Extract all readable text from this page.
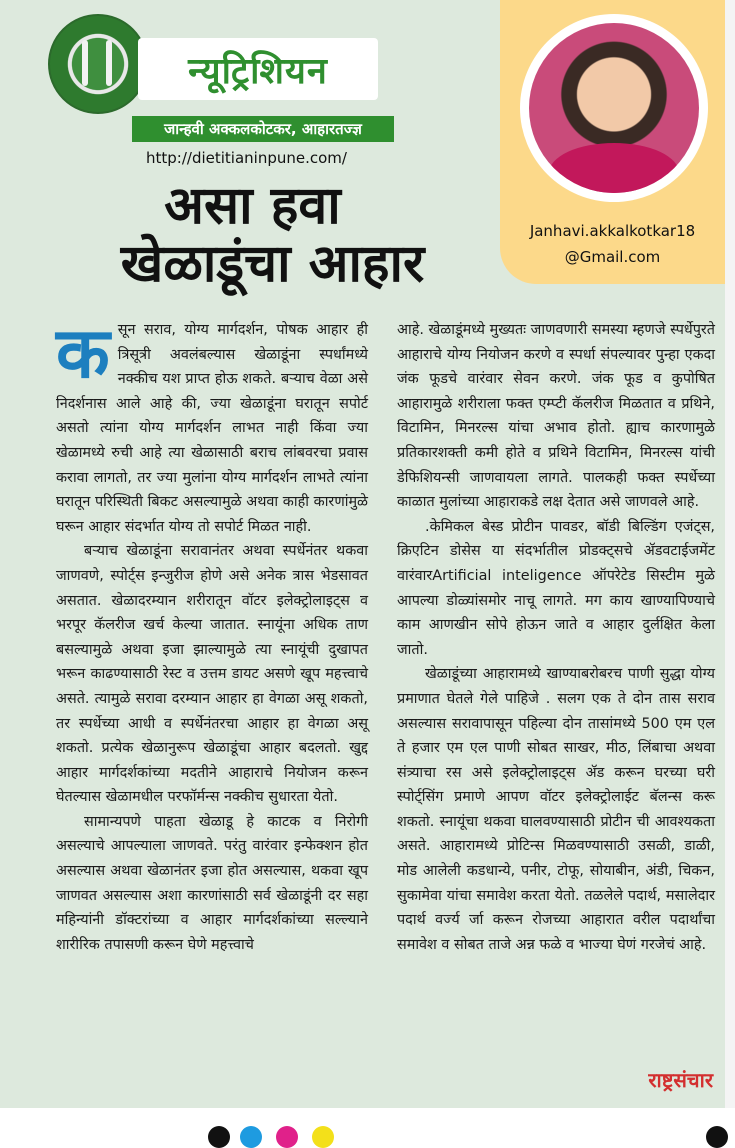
न्यूट्रिशियन
जान्हवी अक्कलकोटकर, आहारतज्ज्ञ
http://dietitianinpune.com/
असा हवा
खेळाडूंचा आहार
Janhavi.akkalkotkar18
@Gmail.com

कसून सराव, योग्य मार्गदर्शन, पोषक आहार ही त्रिसूत्री अवलंबल्यास खेळाडूंना स्पर्धांमध्ये नक्कीच यश प्राप्त होऊ शकते. बऱ्याच वेळा असे निदर्शनास आले आहे की, ज्या खेळाडूंना घरातून सपोर्ट असतो त्यांना योग्य मार्गदर्शन लाभत नाही किंवा ज्या खेळामध्ये रुची आहे त्या खेळासाठी बराच लांबवरचा प्रवास करावा लागतो, तर ज्या मुलांना योग्य मार्गदर्शन लाभते त्यांना घरातून परिस्थिती बिकट असल्यामुळे अथवा काही कारणांमुळे घरून आहार संदर्भात योग्य तो सपोर्ट मिळत नाही.

बऱ्याच खेळाडूंना सरावानंतर अथवा स्पर्धेनंतर थकवा जाणवणे, स्पोर्ट्स इन्जुरीज होणे असे अनेक त्रास भेडसावत असतात. खेळादरम्यान शरीरातून वॉटर इलेक्ट्रोलाइट्स व भरपूर कॅलरीज खर्च केल्या जातात. स्नायूंना अधिक ताण बसल्यामुळे अथवा इजा झाल्यामुळे त्या स्नायूंची दुखापत भरून काढण्यासाठी रेस्ट व उत्तम डायट असणे खूप महत्त्वाचे असते. त्यामुळे सरावा दरम्यान आहार हा वेगळा असू शकतो, तर स्पर्धेच्या आधी व स्पर्धेनंतरचा आहार हा वेगळा असू शकतो. प्रत्येक खेळानुरूप खेळाडूंचा आहार बदलतो. खुद्द आहार मार्गदर्शकांच्या मदतीने आहाराचे नियोजन करून घेतल्यास खेळामधील परफॉर्मन्स नक्कीच सुधारता येतो.

सामान्यपणे पाहता खेळाडू हे काटक व निरोगी असल्याचे आपल्याला जाणवते. परंतु वारंवार इन्फेक्शन होत असल्यास अथवा खेळानंतर इजा होत असल्यास, थकवा खूप जाणवत असल्यास अशा कारणांसाठी सर्व खेळाडूंनी दर सहा महिन्यांनी डॉक्टरांच्या व आहार मार्गदर्शकांच्या सल्ल्याने शारीरिक तपासणी करून घेणे महत्त्वाचे

आहे. खेळाडूंमध्ये मुख्यतः जाणवणारी समस्या म्हणजे स्पर्धेपुरते आहाराचे योग्य नियोजन करणे व स्पर्धा संपल्यावर पुन्हा एकदा जंक फूडचे वारंवार सेवन करणे. जंक फूड व कुपोषित आहारामुळे शरीराला फक्त एम्प्टी कॅलरीज मिळतात व प्रथिने, विटामिन, मिनरल्स यांचा अभाव होतो. ह्याच कारणामुळे प्रतिकारशक्ती कमी होते व प्रथिने विटामिन, मिनरल्स यांची डेफिशियन्सी जाणवायला लागते. पालकही फक्त स्पर्धेच्या काळात मुलांच्या आहाराकडे लक्ष देतात असे जाणवले आहे.

.केमिकल बेस्ड प्रोटीन पावडर, बॉडी बिल्डिंग एजंट्स, क्रिएटिन डोसेस या संदर्भातील प्रोडक्ट्सचे ॲडवटाईजमेंट वारंवारArtificial inteligence ऑपरेटेड सिस्टीम मुळे आपल्या डोळ्यांसमोर नाचू लागते. मग काय खाण्यापिण्याचे काम आणखीन सोपे होऊन जाते व आहार दुर्लक्षित केला जातो.

खेळाडूंच्या आहारामध्ये खाण्याबरोबरच पाणी सुद्धा योग्य प्रमाणात घेतले गेले पाहिजे . सलग एक ते दोन तास सराव असल्यास सरावापासून पहिल्या दोन तासांमध्ये 500 एम एल ते हजार एम एल पाणी सोबत साखर, मीठ, लिंबाचा अथवा संत्र्याचा रस असे इलेक्ट्रोलाइट्स ॲड करून घरच्या घरी स्पोर्ट्सिंग प्रमाणे आपण वॉटर इलेक्ट्रोलाईट बॅलन्स करू शकतो. स्नायूंचा थकवा घालवण्यासाठी प्रोटीन ची आवश्यकता असते. आहारामध्ये प्रोटिन्स मिळवण्यासाठी उसळी, डाळी, मोड आलेली कडधान्ये, पनीर, टोफू, सोयाबीन, अंडी, चिकन, सुकामेवा यांचा समावेश करता येतो. तळलेले पदार्थ, मसालेदार पदार्थ वर्ज्य र्जा करून रोजच्या आहारात वरील पदार्थांचा समावेश व सोबत ताजे अन्न फळे व भाज्या घेणं गरजेचं आहे.

राष्ट्रसंचार
